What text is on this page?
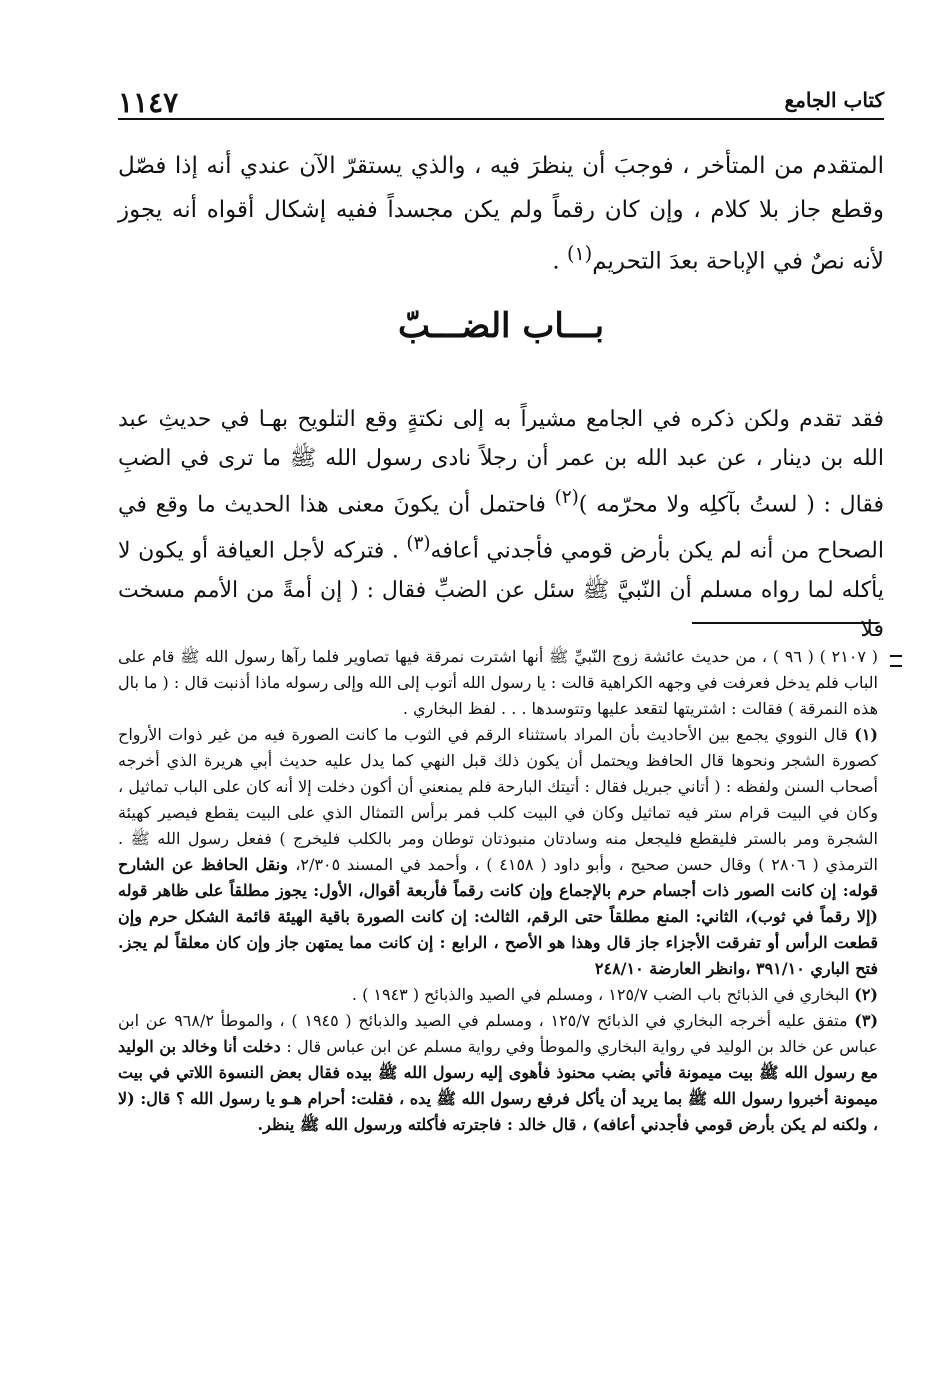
١١٤٧	كتاب الجامع
المتقدم من المتأخر ، فوجبَ أن ينظرَ فيه ، والذي يستقرّ الآن عندي أنه إذا فصّل وقطع جاز بلا كلام ، وإن كان رقماً ولم يكن مجسداً ففيه إشكال أقواه أنه يجوز لأنه نصٌ في الإباحة بعدَ التحريم$^{(١)}$ .
بـــاب الضـــبّ
فقد تقدم ولكن ذكره في الجامع مشيراً به إلى نكتةٍ وقع التلويح بهـا في حديثِ عبد الله بن دينار ، عن عبد الله بن عمر أن رجلاً نادى رسول الله ﷺ ما ترى في الضبِ فقال : ( لستُ بآكلِه ولا محرّمه )$^{(٢)}$ فاحتمل أن يكونَ معنى هذا الحديث ما وقع في الصحاح من أنه لم يكن بأرض قومي فأجدني أعافه$^{(٣)}$ . فتركه لأجل العيافة أو يكون لا يأكله لما رواه مسلم أن النّبيَّ ﷺ سئل عن الضبِّ فقال : ( إن أمةً من الأمم مسخت فلا

( ٢١٠٧ ) ( ٩٦ ) ، من حديث عائشة زوج النّبيِّ ﷺ أنها اشترت نمرقة فيها تصاوير فلما رآها رسول الله ﷺ قام على الباب فلم يدخل فعرفت في وجهه الكراهية قالت : يا رسول الله أتوب إلى الله وإلى رسوله ماذا أذنبت قال : ( ما بال هذه النمرقة ) فقالت : اشتريتها لتقعد عليها وتتوسدها . . . لفظ البخاري .

(١) قال النووي يجمع بين الأحاديث بأن المراد باستثناء الرقم في الثوب ما كانت الصورة فيه من غير ذوات الأرواح كصورة الشجر ونحوها قال الحافظ ويحتمل أن يكون ذلك قبل النهي كما يدل عليه حديث أبي هريرة الذي أخرجه أصحاب السنن ولفظه : ( أتاني جبريل فقال : أتيتك البارحة فلم يمنعني أن أكون دخلت إلا أنه كان على الباب تماثيل ، وكان في البيت قرام ستر فيه تماثيل وكان في البيت كلب فمر برأس التمثال الذي على البيت يقطع فيصير كهيئة الشجرة ومر بالستر فليقطع فليجعل منه وسادتان منبوذتان توطان ومر بالكلب فليخرج ) ففعل رسول الله ﷺ . الترمذي ( ٢٨٠٦ ) وقال حسن صحيح ، وأبو داود ( ٤١٥٨ ) ، وأحمد في المسند ٢/٣٠٥، ونقل الحافظ عن الشارح قوله: إن كانت الصور ذات أجسام حرم بالإجماع وإن كانت رقماً فأربعة أقوال، الأول: يجوز مطلقاً على ظاهر قوله (إلا رقماً في ثوب)، الثاني: المنع مطلقاً حتى الرقم، الثالث: إن كانت الصورة باقية الهيئة قائمة الشكل حرم وإن قطعت الرأس أو تفرقت الأجزاء جاز قال وهذا هو الأصح ، الرابع : إن كانت مما يمتهن جاز وإن كان معلقاً لم يجز. فتح الباري ٣٩١/١٠ ،وانظر العارضة ٢٤٨/١٠

(٢) البخاري في الذبائح باب الضب ١٢٥/٧ ، ومسلم في الصيد والذبائح ( ١٩٤٣ ) .

(٣) متفق عليه أخرجه البخاري في الذبائح ١٢٥/٧ ، ومسلم في الصيد والذبائح ( ١٩٤٥ ) ، والموطأ ٩٦٨/٢ عن ابن عباس عن خالد بن الوليد في رواية البخاري والموطأ وفي رواية مسلم عن ابن عباس قال : دخلت أنا وخالد بن الوليد مع رسول الله ﷺ بيت ميمونة فأتي بضب محنوذ فأهوى إليه رسول الله ﷺ بيده فقال بعض النسوة اللاتي في بيت ميمونة أخبروا رسول الله ﷺ بما يريد أن يأكل فرفع رسول الله ﷺ يده ، فقلت: أحرام هـو يا رسول الله ؟ قال: (لا ، ولكنه لم يكن بأرض قومي فأجدني أعافه) ، قال خالد : فاجترته فأكلته ورسول الله ﷺ ينظر.
